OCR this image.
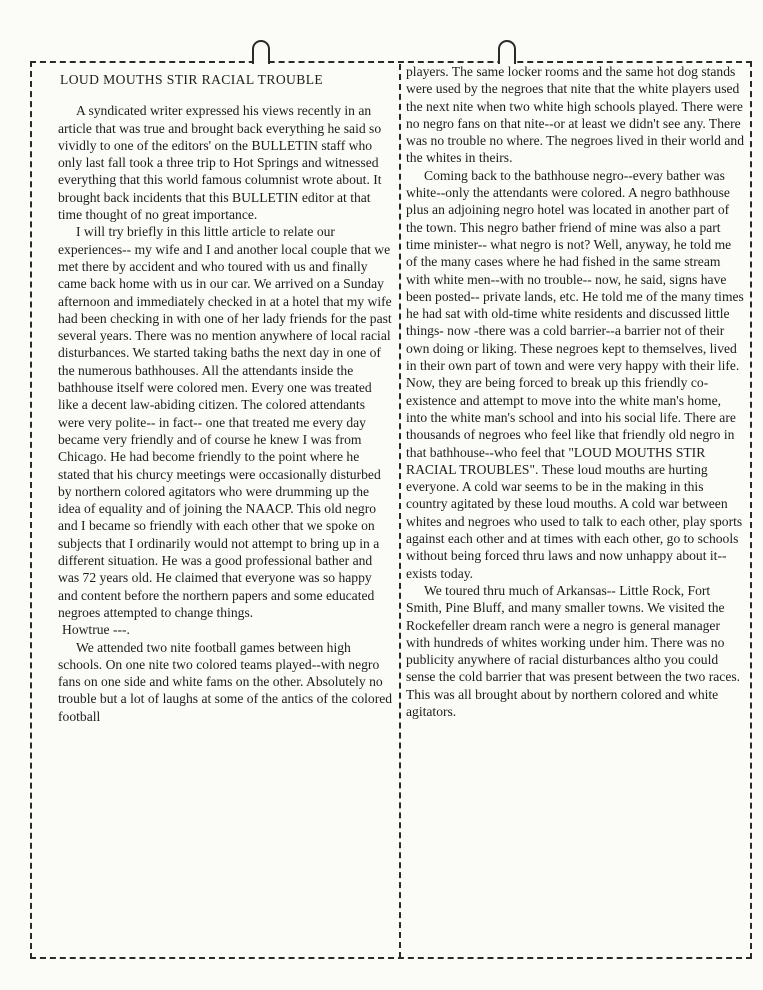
LOUD MOUTHS STIR RACIAL TROUBLE

A syndicated writer expressed his views recently in an article that was true and brought back everything he said so vividly to one of the editors' on the BULLETIN staff who only last fall took a three trip to Hot Springs and witnessed everything that this world famous columnist wrote about. It brought back incidents that this BULLETIN editor at that time thought of no great importance.

I will try briefly in this little article to relate our experiences-- my wife and I and another local couple that we met there by accident and who toured with us and finally came back home with us in our car. We arrived on a Sunday afternoon and immediately checked in at a hotel that my wife had been checking in with one of her lady friends for the past several years. There was no mention anywhere of local racial disturbances. We started taking baths the next day in one of the numerous bathhouses. All the attendants inside the bathhouse itself were colored men. Every one was treated like a decent law-abiding citizen. The colored attendants were very polite-- in fact-- one that treated me every day became very friendly and of course he knew I was from Chicago. He had become friendly to the point where he stated that his churcy meetings were occasionally disturbed by northern colored agitators who were drumming up the idea of equality and of joining the NAACP. This old negro and I became so friendly with each other that we spoke on subjects that I ordinarily would not attempt to bring up in a different situation. He was a good professional bather and was 72 years old. He claimed that everyone was so happy and content before the northern papers and some educated negroes attempted to change things.

Howtrue ---.

We attended two nite football games between high schools. On one nite two colored teams played--with negro fans on one side and white fams on the other. Absolutely no trouble but a lot of laughs at some of the antics of the colored football

players. The same locker rooms and the same hot dog stands were used by the negroes that nite that the white players used the next nite when two white high schools played. There were no negro fans on that nite--or at least we didn't see any. There was no trouble no where. The negroes lived in their world and the whites in theirs.

Coming back to the bathhouse negro--every bather was white--only the attendants were colored. A negro bathhouse plus an adjoining negro hotel was located in another part of the town. This negro bather friend of mine was also a part time minister-- what negro is not? Well, anyway, he told me of the many cases where he had fished in the same stream with white men--with no trouble-- now, he said, signs have been posted-- private lands, etc. He told me of the many times he had sat with old-time white residents and discussed little things- now -there was a cold barrier--a barrier not of their own doing or liking. These negroes kept to themselves, lived in their own part of town and were very happy with their life. Now, they are being forced to break up this friendly co-existence and attempt to move into the white man's home, into the white man's school and into his social life. There are thousands of negroes who feel like that friendly old negro in that bathhouse--who feel that "LOUD MOUTHS STIR RACIAL TROUBLES". These loud mouths are hurting everyone. A cold war seems to be in the making in this country agitated by these loud mouths. A cold war between whites and negroes who used to talk to each other, play sports against each other and at times with each other, go to schools without being forced thru laws and now unhappy about it-- exists today.

We toured thru much of Arkansas-- Little Rock, Fort Smith, Pine Bluff, and many smaller towns. We visited the Rockefeller dream ranch were a negro is general manager with hundreds of whites working under him. There was no publicity anywhere of racial disturbances altho you could sense the cold barrier that was present between the two races. This was all brought about by northern colored and white agitators.
